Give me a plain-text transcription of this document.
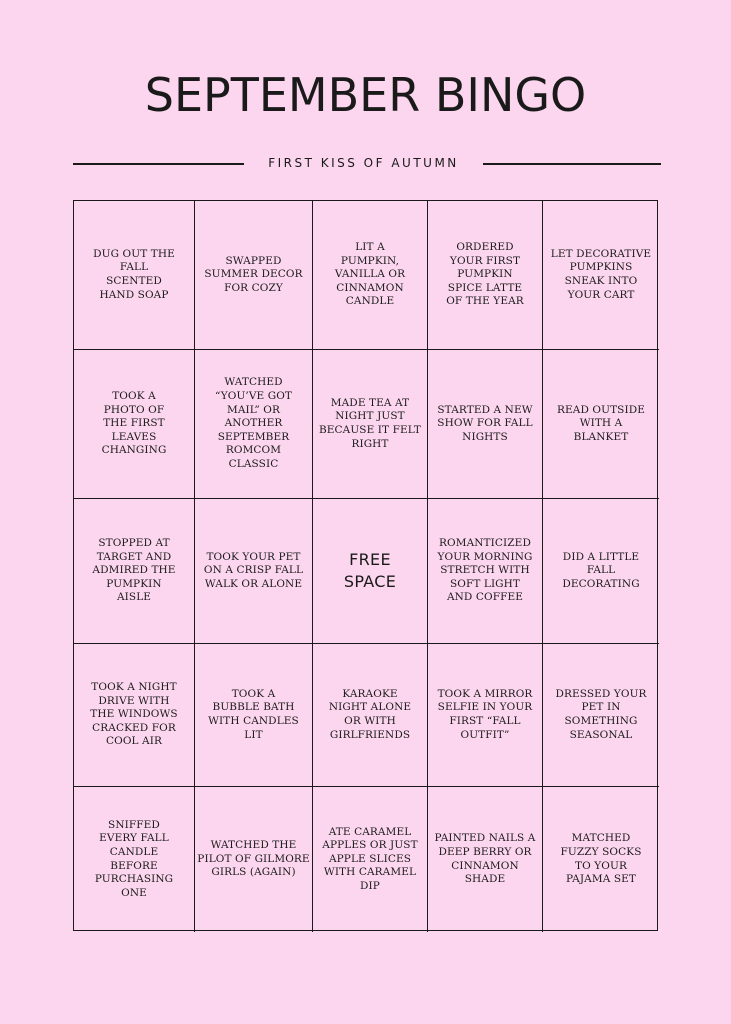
SEPTEMBER BINGO
FIRST KISS OF AUTUMN
DUG OUT THE FALL SCENTED HAND SOAP
SWAPPED SUMMER DECOR FOR COZY
LIT A PUMPKIN, VANILLA OR CINNAMON CANDLE
ORDERED YOUR FIRST PUMPKIN SPICE LATTE OF THE YEAR
LET DECORATIVE PUMPKINS SNEAK INTO YOUR CART
TOOK A PHOTO OF THE FIRST LEAVES CHANGING
WATCHED “YOU’VE GOT MAIL” OR ANOTHER SEPTEMBER ROMCOM CLASSIC
MADE TEA AT NIGHT JUST BECAUSE IT FELT RIGHT
STARTED A NEW SHOW FOR FALL NIGHTS
READ OUTSIDE WITH A BLANKET
STOPPED AT TARGET AND ADMIRED THE PUMPKIN AISLE
TOOK YOUR PET ON A CRISP FALL WALK OR ALONE
FREE SPACE
ROMANTICIZED YOUR MORNING STRETCH WITH SOFT LIGHT AND COFFEE
DID A LITTLE FALL DECORATING
TOOK A NIGHT DRIVE WITH THE WINDOWS CRACKED FOR COOL AIR
TOOK A BUBBLE BATH WITH CANDLES LIT
KARAOKE NIGHT ALONE OR WITH GIRLFRIENDS
TOOK A MIRROR SELFIE IN YOUR FIRST “FALL OUTFIT”
DRESSED YOUR PET IN SOMETHING SEASONAL
SNIFFED EVERY FALL CANDLE BEFORE PURCHASING ONE
WATCHED THE PILOT OF GILMORE GIRLS (AGAIN)
ATE CARAMEL APPLES OR JUST APPLE SLICES WITH CARAMEL DIP
PAINTED NAILS A DEEP BERRY OR CINNAMON SHADE
MATCHED FUZZY SOCKS TO YOUR PAJAMA SET
